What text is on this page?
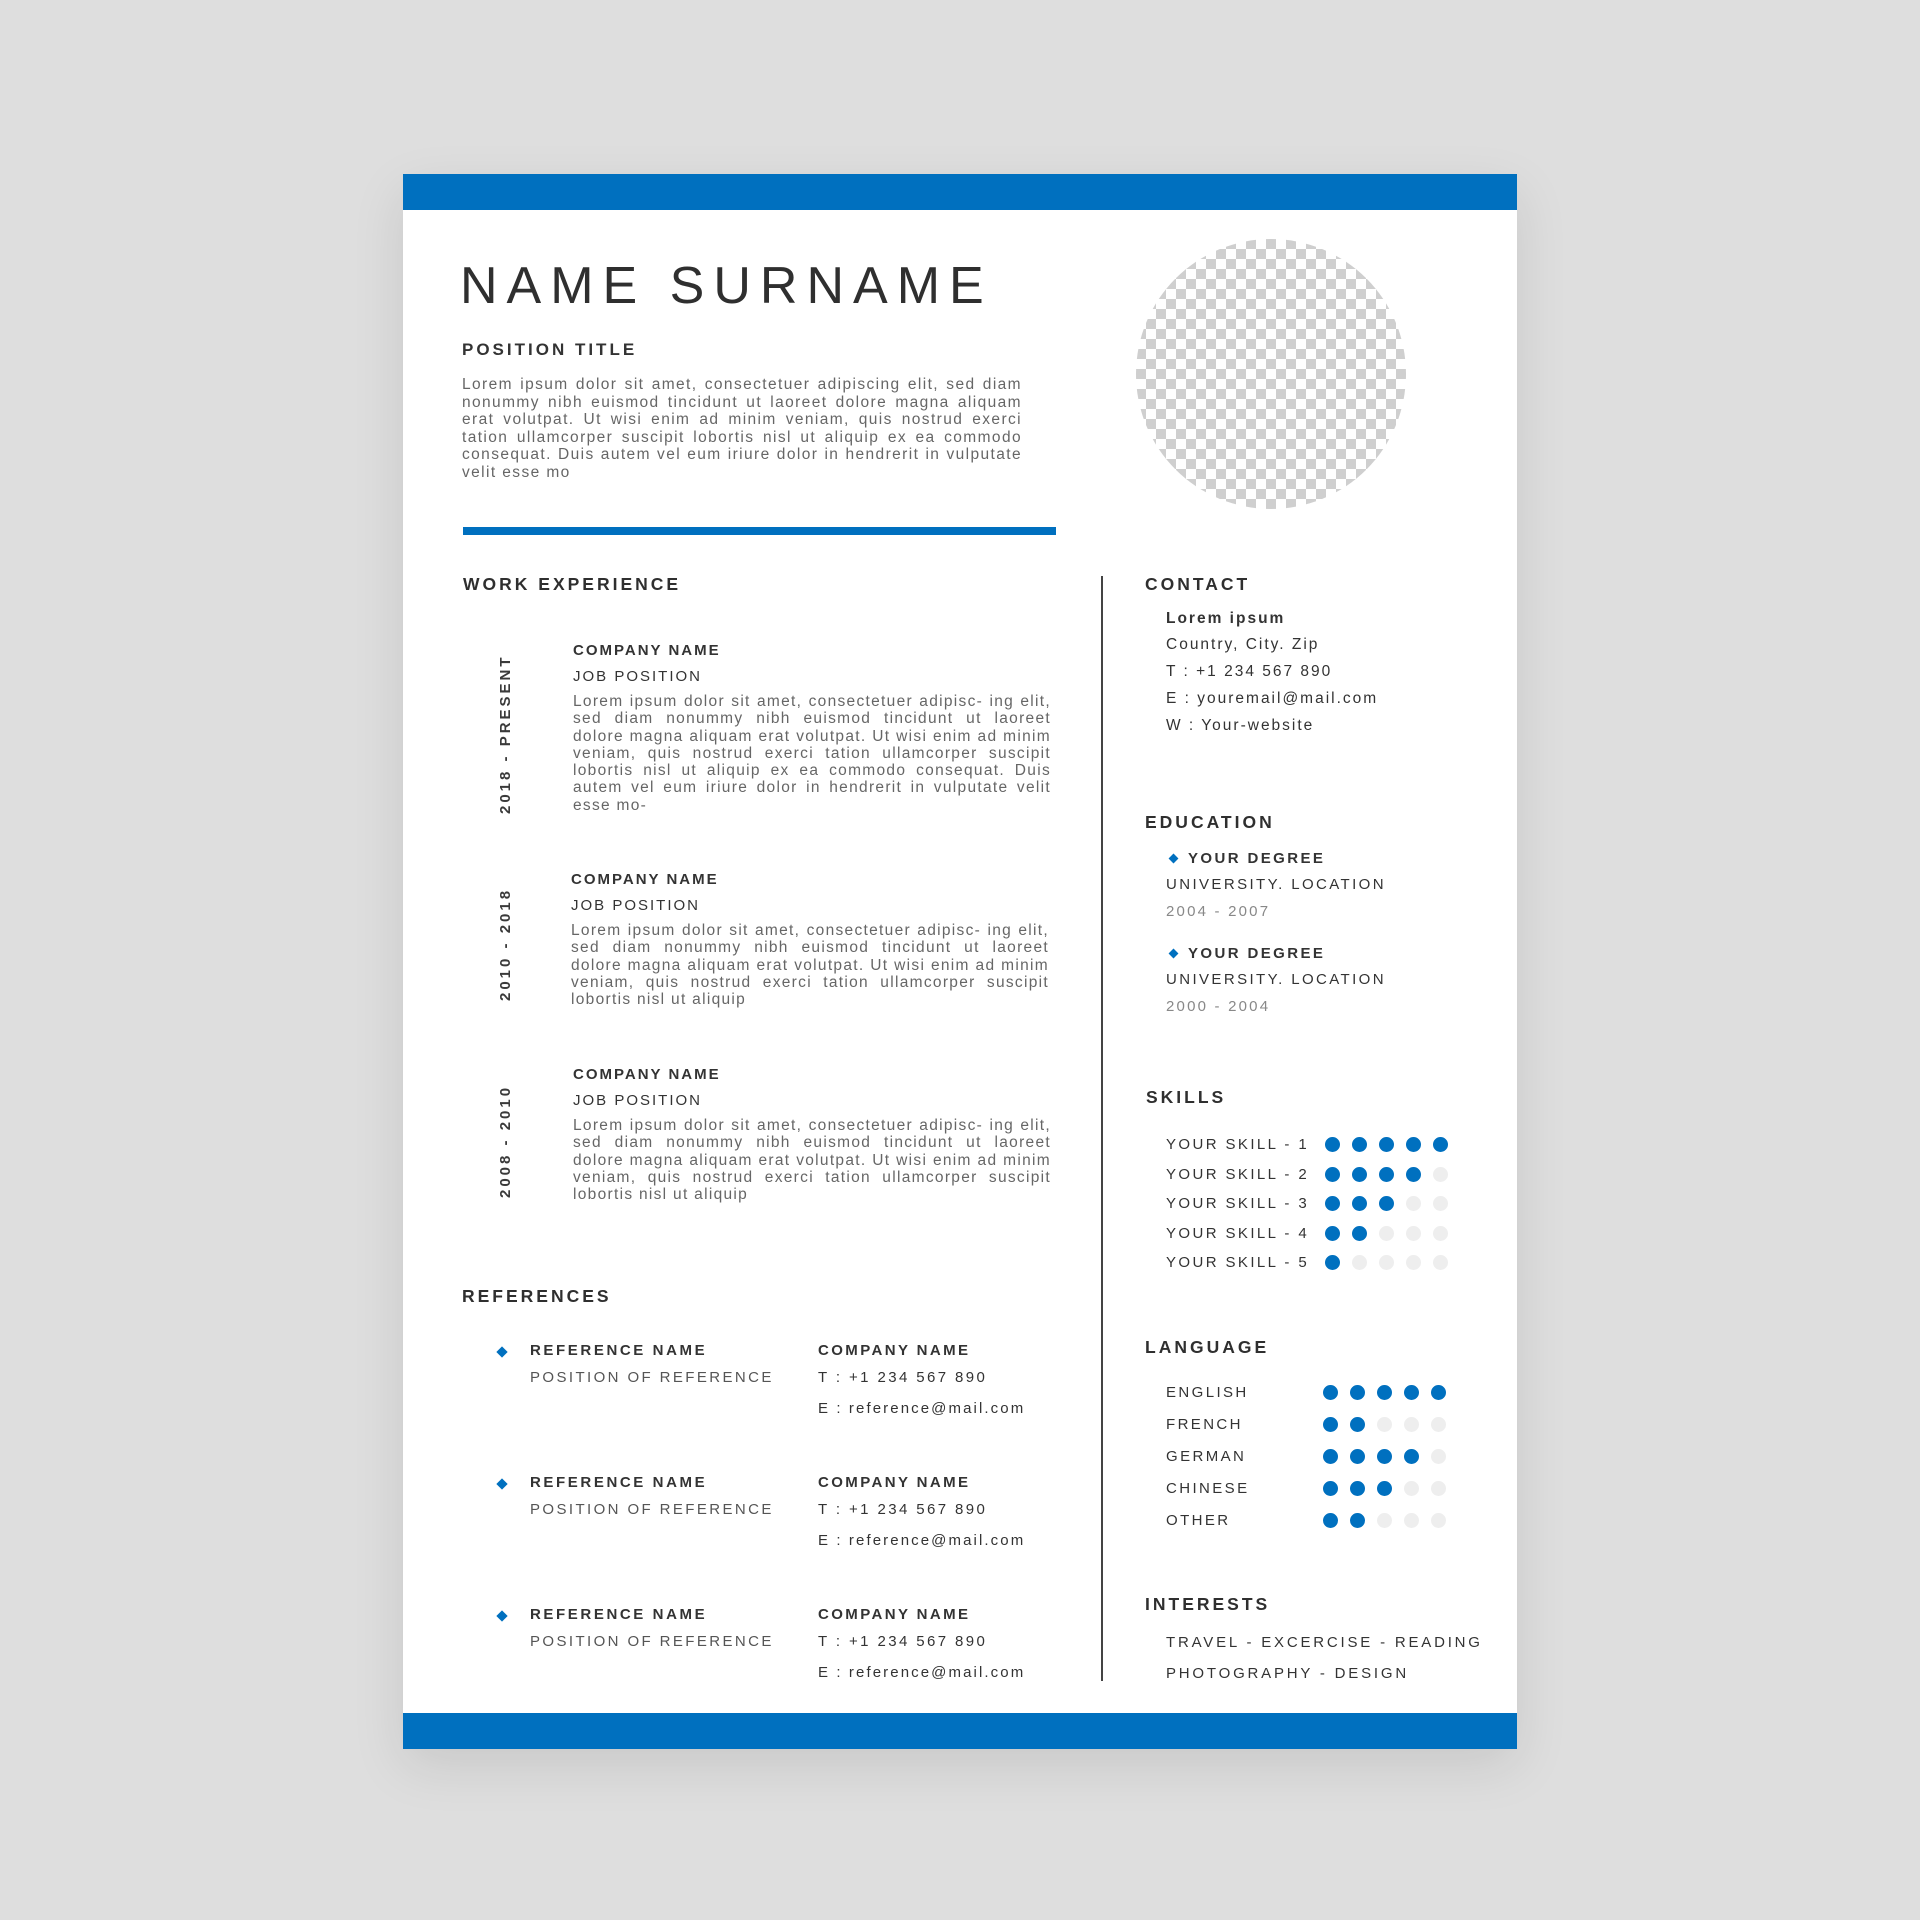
NAME SURNAME
POSITION TITLE
Lorem ipsum dolor sit amet, consectetuer adipiscing elit, sed diam nonummy nibh euismod tincidunt ut laoreet dolore magna aliquam erat volutpat. Ut wisi enim ad minim veniam, quis nostrud exerci tation ullamcorper suscipit lobortis nisl ut aliquip ex ea commodo consequat. Duis autem vel eum iriure dolor in hendrerit in vulputate velit esse mo
WORK EXPERIENCE
2018 - PRESENT
COMPANY NAME
JOB POSITION
Lorem ipsum dolor sit amet, consectetuer adipisc- ing elit, sed diam nonummy nibh euismod tincidunt ut laoreet dolore magna aliquam erat volutpat. Ut wisi enim ad minim veniam, quis nostrud exerci tation ullamcorper suscipit lobortis nisl ut aliquip ex ea commodo consequat. Duis autem vel eum iriure dolor in hendrerit in vulputate velit esse mo-
2010 - 2018
COMPANY NAME
JOB POSITION
Lorem ipsum dolor sit amet, consectetuer adipisc- ing elit, sed diam nonummy nibh euismod tincidunt ut laoreet dolore magna aliquam erat volutpat. Ut wisi enim ad minim veniam, quis nostrud exerci tation ullamcorper suscipit lobortis nisl ut aliquip
2008 - 2010
COMPANY NAME
JOB POSITION
Lorem ipsum dolor sit amet, consectetuer adipisc- ing elit, sed diam nonummy nibh euismod tincidunt ut laoreet dolore magna aliquam erat volutpat. Ut wisi enim ad minim veniam, quis nostrud exerci tation ullamcorper suscipit lobortis nisl ut aliquip
REFERENCES
REFERENCE NAME
POSITION OF REFERENCE
COMPANY NAME
T : +1 234 567 890
E : reference@mail.com
REFERENCE NAME
POSITION OF REFERENCE
COMPANY NAME
T : +1 234 567 890
E : reference@mail.com
REFERENCE NAME
POSITION OF REFERENCE
COMPANY NAME
T : +1 234 567 890
E : reference@mail.com
CONTACT
Lorem ipsum
Country, City. Zip
T : +1 234 567 890
E : youremail@mail.com
W : Your-website
EDUCATION
YOUR DEGREE
UNIVERSITY. LOCATION
2004 - 2007
YOUR DEGREE
UNIVERSITY. LOCATION
2000 - 2004
SKILLS
YOUR SKILL - 1
YOUR SKILL - 2
YOUR SKILL - 3
YOUR SKILL - 4
YOUR SKILL - 5
LANGUAGE
ENGLISH
FRENCH
GERMAN
CHINESE
OTHER
INTERESTS
TRAVEL - EXCERCISE - READING
PHOTOGRAPHY - DESIGN
